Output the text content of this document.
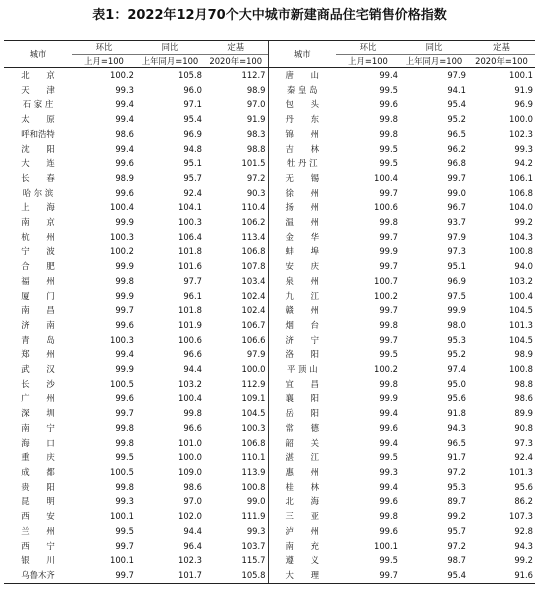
表1：2022年12月70个大中城市新建商品住宅销售价格指数
城市	环比	同比	定基	城市	环比	同比	定基
	上月=100	上年同月=100	2020年=100		上月=100	上年同月=100	2020年=100
北　　京	100.2	105.8	112.7	唐　　山	99.4	97.9	100.1
天　　津	99.3	96.0	98.9	秦 皇 岛	99.5	94.1	91.9
石 家 庄	99.4	97.1	97.0	包　　头	99.6	95.4	96.9
太　　原	99.4	95.4	91.9	丹　　东	99.8	95.2	100.0
呼和浩特	98.6	96.9	98.3	锦　　州	99.8	96.5	102.3
沈　　阳	99.4	94.8	98.8	吉　　林	99.5	96.2	99.3
大　　连	99.6	95.1	101.5	牡 丹 江	99.5	96.8	94.2
长　　春	98.9	95.7	97.2	无　　锡	100.4	99.7	106.1
哈 尔 滨	99.6	92.4	90.3	徐　　州	99.7	99.0	106.8
上　　海	100.4	104.1	110.4	扬　　州	100.6	96.7	104.0
南　　京	99.9	100.3	106.2	温　　州	99.8	93.7	99.2
杭　　州	100.3	106.4	113.4	金　　华	99.7	97.9	104.3
宁　　波	100.2	101.8	106.8	蚌　　埠	99.9	97.3	100.8
合　　肥	99.9	101.6	107.8	安　　庆	99.7	95.1	94.0
福　　州	99.8	97.7	103.4	泉　　州	100.7	96.9	103.2
厦　　门	99.9	96.1	102.4	九　　江	100.2	97.5	100.4
南　　昌	99.7	101.8	102.4	赣　　州	99.7	99.9	104.5
济　　南	99.6	101.9	106.7	烟　　台	99.8	98.0	101.3
青　　岛	100.3	100.6	106.6	济　　宁	99.7	95.3	104.5
郑　　州	99.4	96.6	97.9	洛　　阳	99.5	95.2	98.9
武　　汉	99.9	94.4	100.0	平 顶 山	100.2	97.4	100.8
长　　沙	100.5	103.2	112.9	宜　　昌	99.8	95.0	98.8
广　　州	99.6	100.4	109.1	襄　　阳	99.9	95.6	98.6
深　　圳	99.7	99.8	104.5	岳　　阳	99.4	91.8	89.9
南　　宁	99.8	96.6	100.3	常　　德	99.6	94.3	90.8
海　　口	99.8	101.0	106.8	韶　　关	99.4	96.5	97.3
重　　庆	99.5	100.0	110.1	湛　　江	99.5	91.7	92.4
成　　都	100.5	109.0	113.9	惠　　州	99.3	97.2	101.3
贵　　阳	99.8	98.6	100.8	桂　　林	99.4	95.3	95.6
昆　　明	99.3	97.0	99.0	北　　海	99.6	89.7	86.2
西　　安	100.1	102.0	111.9	三　　亚	99.8	99.2	107.3
兰　　州	99.5	94.4	99.3	泸　　州	99.6	95.7	92.8
西　　宁	99.7	96.4	103.7	南　　充	100.1	97.2	94.3
银　　川	100.1	102.3	115.7	遵　　义	99.5	98.7	99.2
乌鲁木齐	99.7	101.7	105.8	大　　理	99.7	95.4	91.6
